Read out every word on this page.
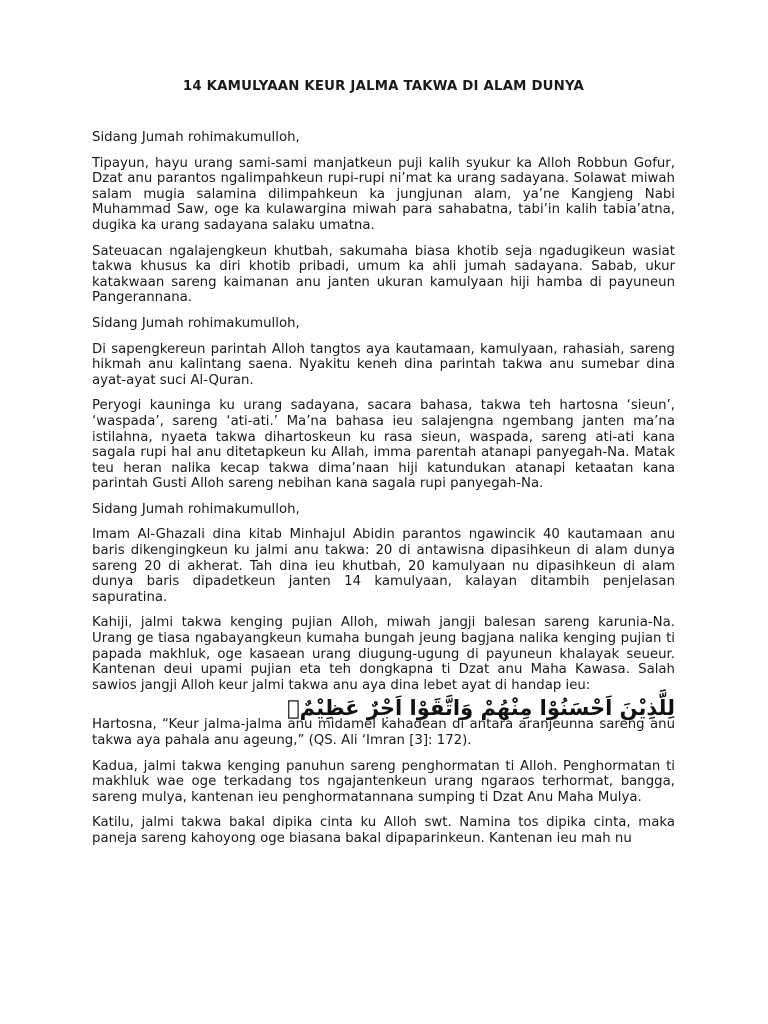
14 KAMULYAAN KEUR JALMA TAKWA DI ALAM DUNYA

Sidang Jumah rohimakumulloh,

Tipayun, hayu urang sami-sami manjatkeun puji kalih syukur ka Alloh Robbun Gofur, Dzat anu parantos ngalimpahkeun rupi-rupi ni’mat ka urang sadayana. Solawat miwah salam mugia salamina dilimpahkeun ka jungjunan alam, ya’ne Kangjeng Nabi Muhammad Saw, oge ka kulawargina miwah para sahabatna, tabi’in kalih tabia’atna, dugika ka urang sadayana salaku umatna.

Sateuacan ngalajengkeun khutbah, sakumaha biasa khotib seja ngadugikeun wasiat takwa khusus ka diri khotib pribadi, umum ka ahli jumah sadayana. Sabab, ukur katakwaan sareng kaimanan anu janten ukuran kamulyaan hiji hamba di payuneun Pangerannana.

Sidang Jumah rohimakumulloh,

Di sapengkereun parintah Alloh tangtos aya kautamaan, kamulyaan, rahasiah, sareng hikmah anu kalintang saena. Nyakitu keneh dina parintah takwa anu sumebar dina ayat-ayat suci Al-Quran.

Peryogi kauninga ku urang sadayana, sacara bahasa, takwa teh hartosna ‘sieun’, ‘waspada’, sareng ‘ati-ati.’ Ma’na bahasa ieu salajengna ngembang janten ma’na istilahna, nyaeta takwa dihartoskeun ku rasa sieun, waspada, sareng ati-ati kana sagala rupi hal anu ditetapkeun ku Allah, imma parentah atanapi panyegah-Na. Matak teu heran nalika kecap takwa dima’naan hiji katundukan atanapi ketaatan kana parintah Gusti Alloh sareng nebihan kana sagala rupi panyegah-Na.

Sidang Jumah rohimakumulloh,

Imam Al-Ghazali dina kitab Minhajul Abidin parantos ngawincik 40 kautamaan anu baris dikengingkeun ku jalmi anu takwa: 20 di antawisna dipasihkeun di alam dunya sareng 20 di akherat. Tah dina ieu khutbah, 20 kamulyaan nu dipasihkeun di alam dunya baris dipadetkeun janten 14 kamulyaan, kalayan ditambih penjelasan sapuratina.

Kahiji, jalmi takwa kenging pujian Alloh, miwah jangji balesan sareng karunia-Na. Urang ge tiasa ngabayangkeun kumaha bungah jeung bagjana nalika kenging pujian ti papada makhluk, oge kasaean urang diugung-ugung di payuneun khalayak seueur. Kantenan deui upami pujian eta teh dongkapna ti Dzat anu Maha Kawasa. Salah sawios jangji Alloh keur jalmi takwa anu aya dina lebet ayat di handap ieu:

لِلَّذِيْنَ اَحْسَنُوْا مِنْهُمْ وَاتَّقَوْا اَجْرٌ عَظِيْمٌۚ

Hartosna, “Keur jalma-jalma anu midamel kahadean di antara aranjeunna sareng anu takwa aya pahala anu ageung,” (QS. Ali ‘Imran [3]: 172).

Kadua, jalmi takwa kenging panuhun sareng penghormatan ti Alloh. Penghormatan ti makhluk wae oge terkadang tos ngajantenkeun urang ngaraos terhormat, bangga, sareng mulya, kantenan ieu penghormatannana sumping ti Dzat Anu Maha Mulya.

Katilu, jalmi takwa bakal dipika cinta ku Alloh swt. Namina tos dipika cinta, maka paneja sareng kahoyong oge biasana bakal dipaparinkeun. Kantenan ieu mah nu
